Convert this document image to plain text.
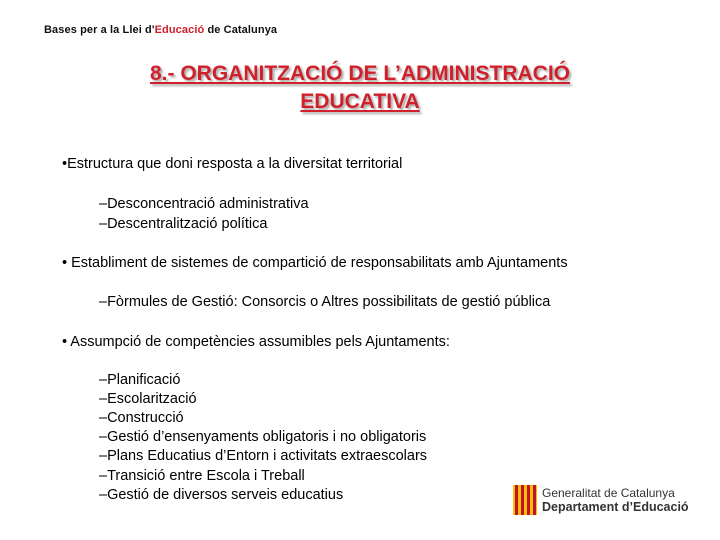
Bases per a la Llei d'Educació de Catalunya
8.- ORGANITZACIÓ DE L’ADMINISTRACIÓ
EDUCATIVA
•Estructura que doni resposta a la diversitat territorial
–Desconcentració administrativa
–Descentralització política
• Establiment de sistemes de compartició de responsabilitats amb Ajuntaments
–Fòrmules de Gestió: Consorcis o Altres possibilitats de gestió pública
• Assumpció de competències assumibles pels Ajuntaments:
–Planificació
–Escolarització
–Construcció
–Gestió d’ensenyaments obligatoris i no obligatoris
–Plans Educatius d’Entorn i activitats extraescolars
–Transició entre Escola i Treball
–Gestió de diversos serveis educatius	Generalitat de Catalunya
Departament d’Educació
